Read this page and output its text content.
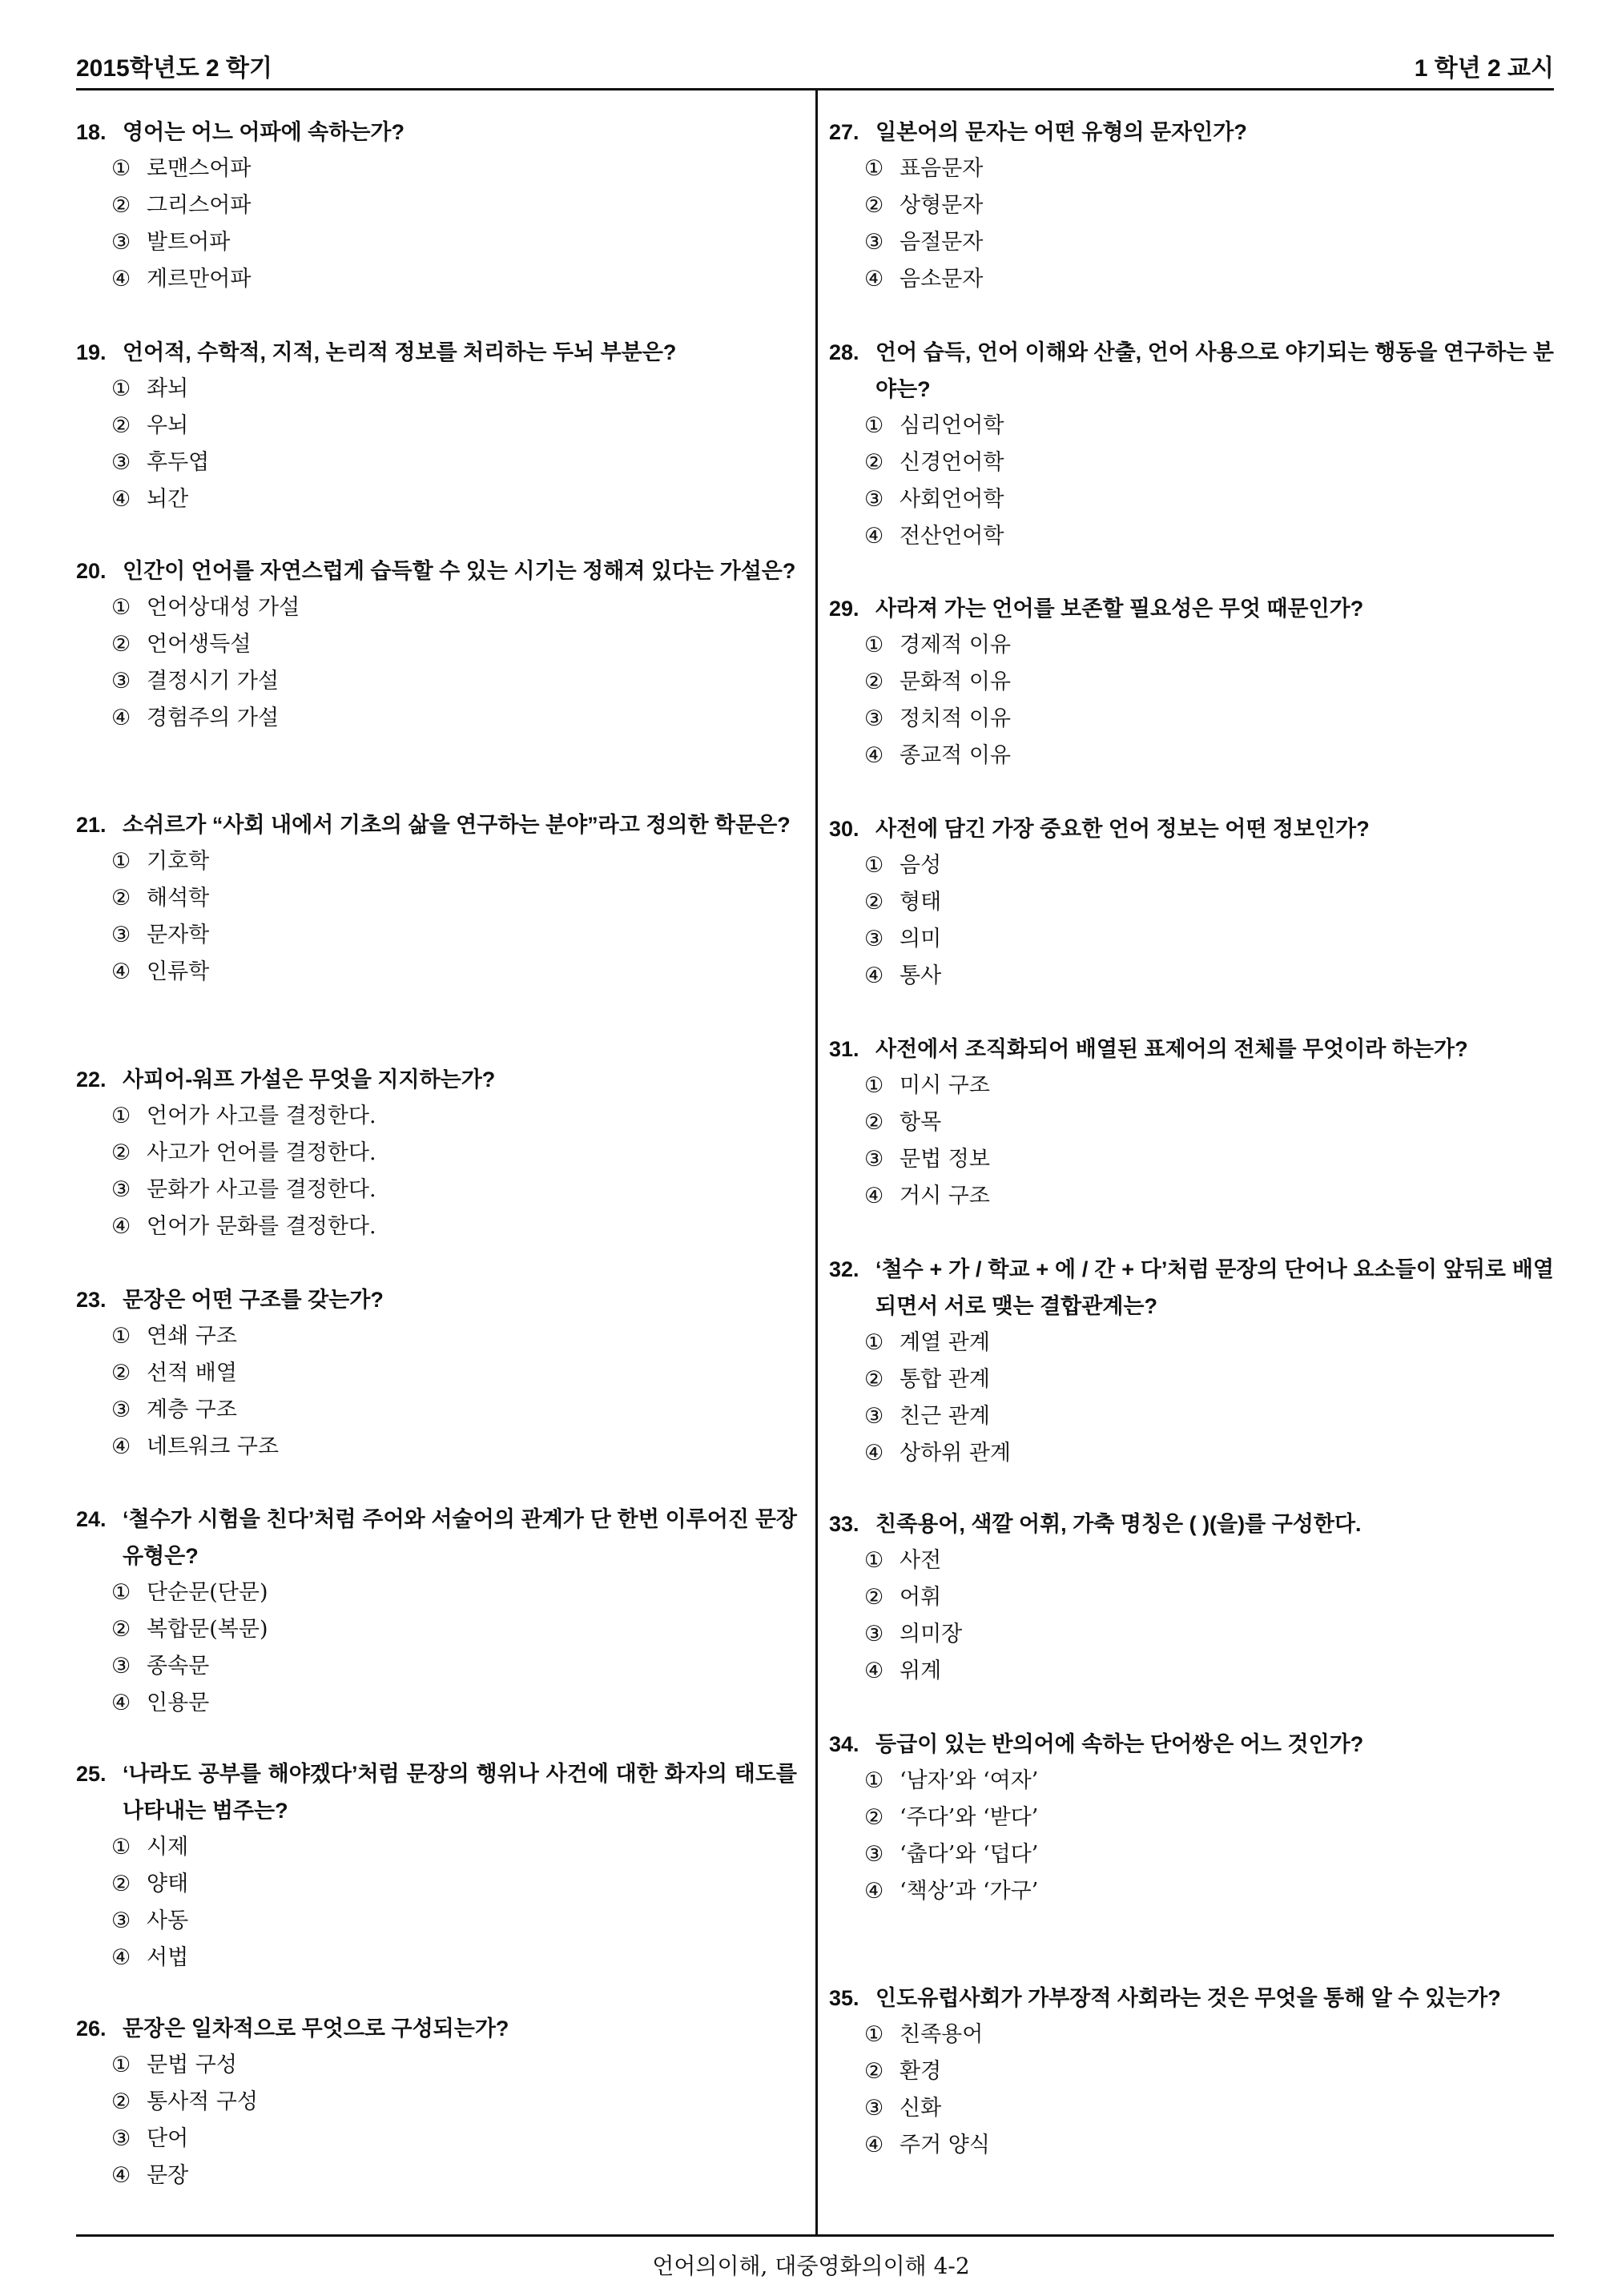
2015학년도 2 학기	1 학년 2 교시

18. 영어는 어느 어파에 속하는가?

① 로맨스어파

② 그리스어파

③ 발트어파

④ 게르만어파

19. 언어적, 수학적, 지적, 논리적 정보를 처리하는 두뇌 부분은?

① 좌뇌

② 우뇌

③ 후두엽

④ 뇌간

20. 인간이 언어를 자연스럽게 습득할 수 있는 시기는 정해져 있다는 가설은?

① 언어상대성 가설

② 언어생득설

③ 결정시기 가설

④ 경험주의 가설

21. 소쉬르가 “사회 내에서 기초의 삶을 연구하는 분야”라고 정의한 학문은?

① 기호학

② 해석학

③ 문자학

④ 인류학

22. 사피어-워프 가설은 무엇을 지지하는가?

① 언어가 사고를 결정한다.

② 사고가 언어를 결정한다.

③ 문화가 사고를 결정한다.

④ 언어가 문화를 결정한다.

23. 문장은 어떤 구조를 갖는가?

① 연쇄 구조

② 선적 배열

③ 계층 구조

④ 네트워크 구조

24. ‘철수가 시험을 친다’처럼 주어와 서술어의 관계가 단 한번 이루어진 문장 유형은?

① 단순문(단문)

② 복합문(복문)

③ 종속문

④ 인용문

25. ‘나라도 공부를 해야겠다’처럼 문장의 행위나 사건에 대한 화자의 태도를 나타내는 범주는?

① 시제

② 양태

③ 사동

④ 서법

26. 문장은 일차적으로 무엇으로 구성되는가?

① 문법 구성

② 통사적 구성

③ 단어

④ 문장

27. 일본어의 문자는 어떤 유형의 문자인가?

① 표음문자

② 상형문자

③ 음절문자

④ 음소문자

28. 언어 습득, 언어 이해와 산출, 언어 사용으로 야기되는 행동을 연구하는 분야는?

① 심리언어학

② 신경언어학

③ 사회언어학

④ 전산언어학

29. 사라져 가는 언어를 보존할 필요성은 무엇 때문인가?

① 경제적 이유

② 문화적 이유

③ 정치적 이유

④ 종교적 이유

30. 사전에 담긴 가장 중요한 언어 정보는 어떤 정보인가?

① 음성

② 형태

③ 의미

④ 통사

31. 사전에서 조직화되어 배열된 표제어의 전체를 무엇이라 하는가?

① 미시 구조

② 항목

③ 문법 정보

④ 거시 구조

32. ‘철수 + 가 / 학교 + 에 / 간 + 다’처럼 문장의 단어나 요소들이 앞뒤로 배열되면서 서로 맺는 결합관계는?

① 계열 관계

② 통합 관계

③ 친근 관계

④ 상하위 관계

33. 친족용어, 색깔 어휘, 가축 명칭은 ( )(을)를 구성한다.

① 사전

② 어휘

③ 의미장

④ 위계

34. 등급이 있는 반의어에 속하는 단어쌍은 어느 것인가?

① ‘남자’와 ‘여자’

② ‘주다’와 ‘받다’

③ ‘춥다’와 ‘덥다’

④ ‘책상’과 ‘가구’

35. 인도유럽사회가 가부장적 사회라는 것은 무엇을 통해 알 수 있는가?

① 친족용어

② 환경

③ 신화

④ 주거 양식

언어의이해, 대중영화의이해 4-2
